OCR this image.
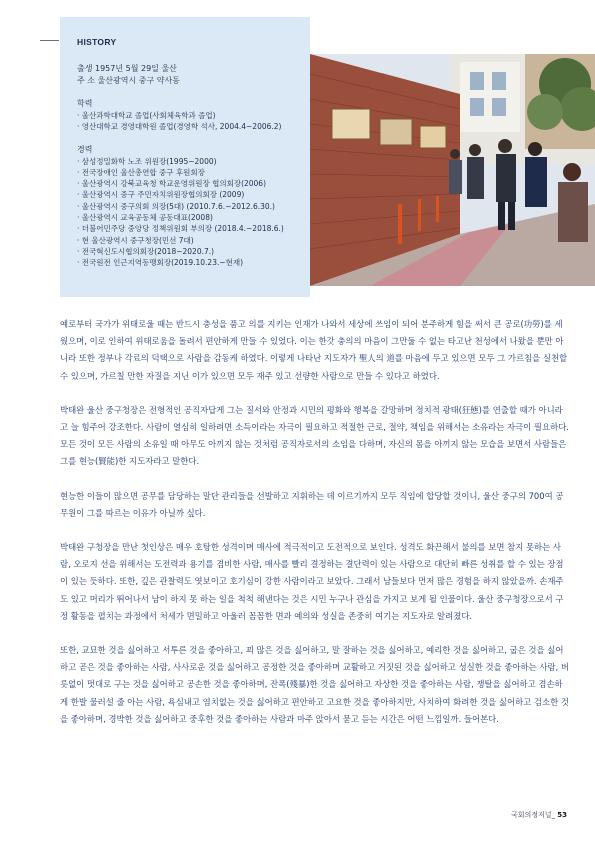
HISTORY
출생 1957년 5월 29일 울산
주 소 울산광역시 중구 약사동
학력
· 울산과학대학교 졸업(사회체육학과 졸업)
· 영산대학교 경영대학원 졸업(경영학 석사, 2004.4~2006.2)
경력
· 삼성정밀화학 노조 위원장(1995~2000)
· 전국장애인 울산총연합 중구 후원회장
· 울산광역시 강북교육청 학교운영위원장 협의회장(2006)
· 울산광역시 중구 주민자치위원장협의회장 (2009)
· 울산광역시 중구의회 의장(5대) (2010.7.6.~2012.6.30.)
· 울산광역시 교육공동체 공동대표(2008)
· 더불어민주당 중앙당 정책위원회 부의장 (2018.4.~2018.6.)
· 현 울산광역시 중구청장(민선 7대)
· 전국혁신도시협의회장(2018~2020.7.)
· 전국원전 인근지역동맹회장(2019.10.23.~현재)

예로부터 국가가 위태로울 때는 반드시 충성을 품고 의를 지키는 인재가 나와서 세상에 쓰임이 되어 분주하게 힘을 써서 큰 공로(功勞)를 세웠으며, 이로 인하여 위태로움을 돌려서 편안하게 만들 수 있었다. 이는 한갓 충의의 마음이 그만둘 수 없는 타고난 천성에서 나왔을 뿐만 아니라 또한 정부나 각료의 덕택으로 사람을 감동케 하였다. 이렇게 나타난 지도자가 聖人의 道를 마음에 두고 있으면 모두 그 가르침을 실천할 수 있으며, 가르칠 만한 자질을 지닌 이가 있으면 모두 재주 있고 선량한 사람으로 만들 수 있다고 하였다.

박태완 울산 중구청장은 전형적인 공직자답게 그는 질서와 안정과 시민의 평화와 행복을 갈망하며 정치적 광태(狂態)를 연출할 때가 아니라고 늘 힘주어 강조한다. 사람이 열심히 일하려면 소득이라는 자극이 필요하고 적절한 근로, 절약, 책임을 위해서는 소유라는 자극이 필요하다. 모든 것이 모든 사람의 소유일 때 아무도 아끼지 않는 것처럼 공직자로서의 소임을 다하며, 자신의 몸을 아끼지 않는 모습을 보면서 사람들은 그를 현능(賢能)한 지도자라고 말한다.

현능한 이들이 많으면 공무를 담당하는 말단 관리들을 선발하고 지휘하는 데 이르기까지 모두 직임에 합당할 것이니, 울산 중구의 700여 공무원이 그를 따르는 이유가 아닐까 싶다.

박태완 구청장을 만난 첫인상은 매우 호탕한 성격이며 매사에 적극적이고 도전적으로 보인다. 성격도 화끈해서 불의를 보면 참지 못하는 사람, 오로지 선을 위해서는 도전력과 용기를 겸비한 사람, 매사를 빨리 결정하는 결단력이 있는 사람으로 대단히 빠른 성취를 할 수 있는 장점이 있는 듯하다. 또한, 깊은 관찰력도 엿보이고 호기심이 강한 사람이라고 보았다. 그래서 남들보다 먼저 많은 경험을 하지 않았을까. 손재주도 있고 머리가 뛰어나서 남이 하지 못 하는 일을 척척 해낸다는 것은 시민 누구나 관심을 가지고 보게 될 인물이다. 울산 중구청장으로서 구정 활동을 펼치는 과정에서 처세가 면밀하고 아울러 꼼꼼한 면과 예의와 성실을 존중히 여기는 지도자로 알려졌다.

또한, 교묘한 것을 싫어하고 서투른 것을 좋아하고, 꾀 많은 것을 싫어하고, 말 잘하는 것을 싫어하고, 예리한 것을 싫어하고, 굽은 것을 싫어하고 곧은 것을 좋아하는 사람, 사사로운 것을 싫어하고 공정한 것을 좋아하며 교활하고 거짓된 것을 싫어하고 성실한 것을 좋아하는 사람, 버릇없이 멋대로 구는 것을 싫어하고 공손한 것을 좋아하며, 잔폭(殘暴)한 것을 싫어하고 자상한 것을 좋아하는 사람, 쟁탈을 싫어하고 겸손하게 한발 물러설 줄 아는 사람, 욕심내고 염치없는 것을 싫어하고 편안하고 고요한 것을 좋아하지만, 사치하여 화려한 것을 싫어하고 검소한 것을 좋아하며, 경박한 것을 싫어하고 중후한 것을 좋아하는 사람과 마주 앉아서 묻고 듣는 시간은 어떤 느낌일까. 들어본다.

국회의정저널_ 53
